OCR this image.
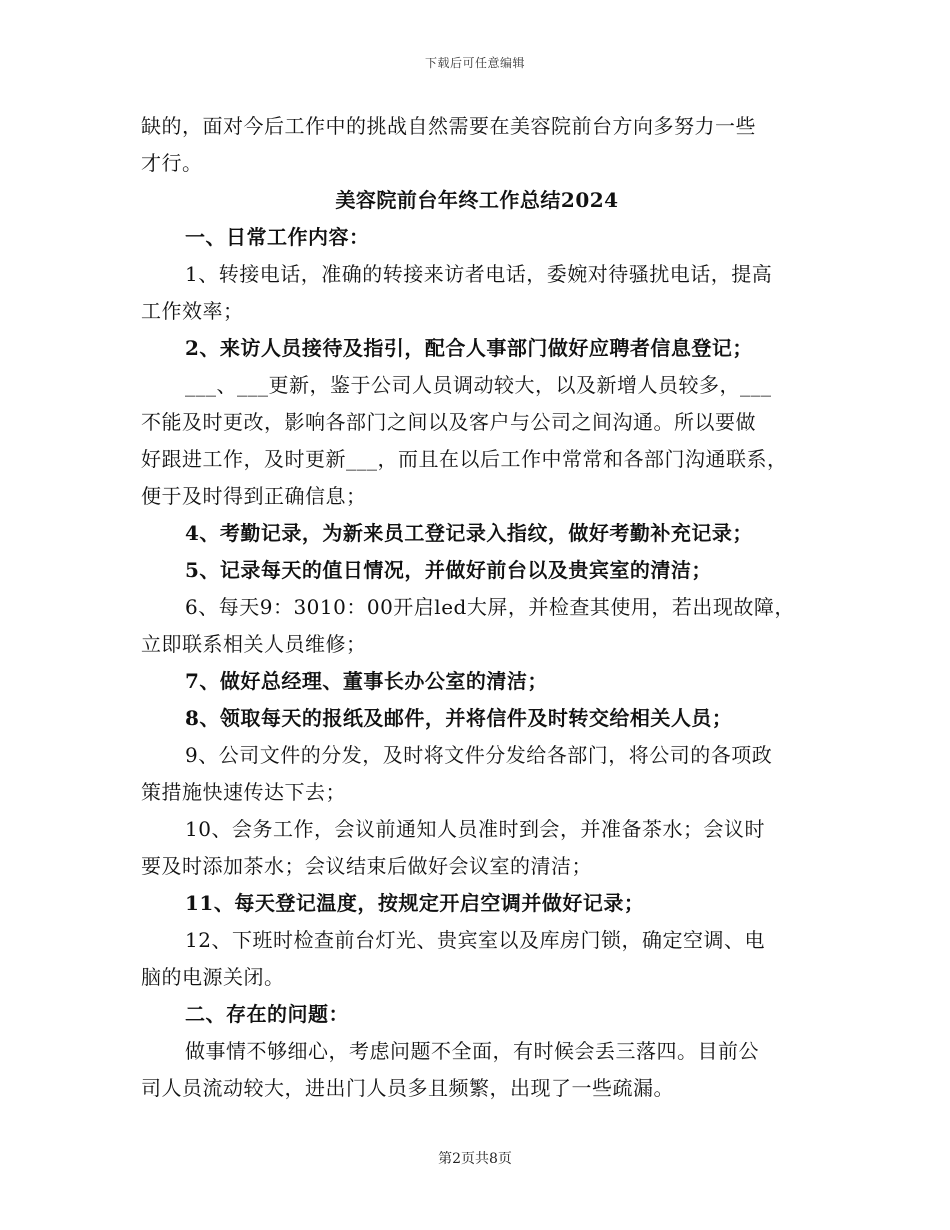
下载后可任意编辑
缺的，面对今后工作中的挑战自然需要在美容院前台方向多努力一些
才行。
美容院前台年终工作总结2024
一、日常工作内容：
1、转接电话，准确的转接来访者电话，委婉对待骚扰电话，提高
工作效率；
2、来访人员接待及指引，配合人事部门做好应聘者信息登记；
___、___更新，鉴于公司人员调动较大，以及新增人员较多，___
不能及时更改，影响各部门之间以及客户与公司之间沟通。所以要做
好跟进工作，及时更新___，而且在以后工作中常常和各部门沟通联系，
便于及时得到正确信息；
4、考勤记录，为新来员工登记录入指纹，做好考勤补充记录；
5、记录每天的值日情况，并做好前台以及贵宾室的清洁；
6、每天9：3010：00开启led大屏，并检查其使用，若出现故障，
立即联系相关人员维修；
7、做好总经理、董事长办公室的清洁；
8、领取每天的报纸及邮件，并将信件及时转交给相关人员；
9、公司文件的分发，及时将文件分发给各部门，将公司的各项政
策措施快速传达下去；
10、会务工作，会议前通知人员准时到会，并准备茶水；会议时
要及时添加茶水；会议结束后做好会议室的清洁；
11、每天登记温度，按规定开启空调并做好记录；
12、下班时检查前台灯光、贵宾室以及库房门锁，确定空调、电
脑的电源关闭。
二、存在的问题：
做事情不够细心，考虑问题不全面，有时候会丢三落四。目前公
司人员流动较大，进出门人员多且频繁，出现了一些疏漏。
第2页共8页
